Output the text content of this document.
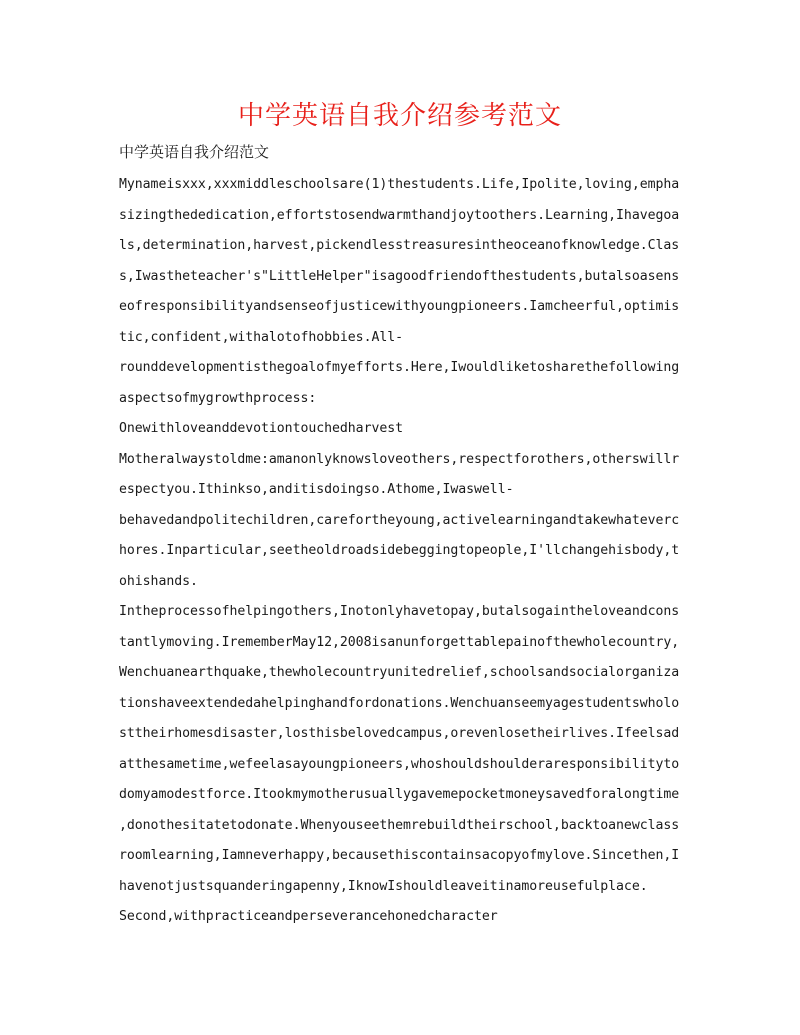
中学英语自我介绍参考范文
中学英语自我介绍范文
Mynameisxxx,xxxmiddleschoolsare(1)thestudents.Life,Ipolite,loving,empha
sizingthededication,effortstosendwarmthandjoytoothers.Learning,Ihavegoa
ls,determination,harvest,pickendlesstreasuresintheoceanofknowledge.Clas
s,Iwastheteacher's"LittleHelper"isagoodfriendofthestudents,butalsoasens
eofresponsibilityandsenseofjusticewithyoungpioneers.Iamcheerful,optimis
tic,confident,withalotofhobbies.All-
rounddevelopmentisthegoalofmyefforts.Here,Iwouldliketosharethefollowing
aspectsofmygrowthprocess:
Onewithloveanddevotiontouchedharvest
Motheralwaystoldme:amanonlyknowsloveothers,respectforothers,otherswillr
espectyou.Ithinkso,anditisdoingso.Athome,Iwaswell-
behavedandpolitechildren,carefortheyoung,activelearningandtakewhateverc
hores.Inparticular,seetheoldroadsidebeggingtopeople,I'llchangehisbody,t
ohishands.
Intheprocessofhelpingothers,Inotonlyhavetopay,butalsogaintheloveandcons
tantlymoving.IrememberMay12,2008isanunforgettablepainofthewholecountry,
Wenchuanearthquake,thewholecountryunitedrelief,schoolsandsocialorganiza
tionshaveextendedahelpinghandfordonations.Wenchuanseemyagestudentswholo
sttheirhomesdisaster,losthisbelovedcampus,orevenlosetheirlives.Ifeelsad
atthesametime,wefeelasayoungpioneers,whoshouldshoulderaresponsibilityto
domyamodestforce.Itookmymotherusuallygavemepocketmoneysavedforalongtime
,donothesitatetodonate.Whenyouseethemrebuildtheirschool,backtoanewclass
roomlearning,Iamneverhappy,becausethiscontainsacopyofmylove.Sincethen,I
havenotjustsquanderingapenny,IknowIshouldleaveitinamoreusefulplace.
Second,withpracticeandperseverancehonedcharacter
